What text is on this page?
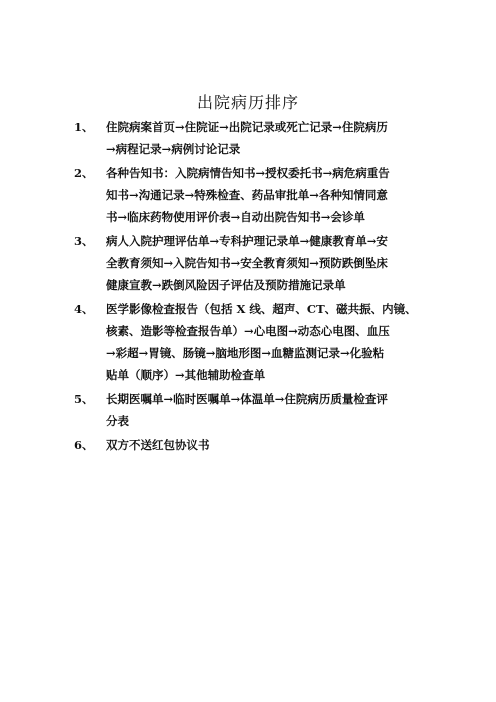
出院病历排序
1、	住院病案首页→住院证→出院记录或死亡记录→住院病历
→病程记录→病例讨论记录
2、	各种告知书：入院病情告知书→授权委托书→病危病重告
知书→沟通记录→特殊检查、药品审批单→各种知情同意
书→临床药物使用评价表→自动出院告知书→会诊单
3、	病人入院护理评估单→专科护理记录单→健康教育单→安
全教育须知→入院告知书→安全教育须知→预防跌倒坠床
健康宣教→跌倒风险因子评估及预防措施记录单
4、	医学影像检查报告（包括 X 线、超声、CT、磁共振、内镜、
核素、造影等检查报告单）→心电图→动态心电图、血压
→彩超→胃镜、肠镜→脑地形图→血糖监测记录→化验粘
贴单（顺序）→其他辅助检查单
5、	长期医嘱单→临时医嘱单→体温单→住院病历质量检查评
分表
6、	双方不送红包协议书
